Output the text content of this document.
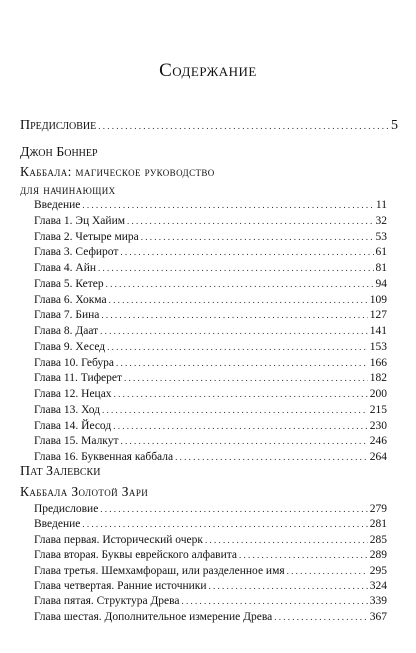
Содержание
Предисловие . . .	5
Джон Боннер
Каббала: магическое руководство
для начинающих
Введение . . .	11
Глава 1. Эц Хайим . . .	32
Глава 2. Четыре мира . . .	53
Глава 3. Сефирот . . .	61
Глава 4. Айн . . .	81
Глава 5. Кетер . . .	94
Глава 6. Хокма . . .	109
Глава 7. Бина . . .	127
Глава 8. Даат . . .	141
Глава 9. Хесед . . .	153
Глава 10. Гебура . . .	166
Глава 11. Тиферет . . .	182
Глава 12. Нецах . . .	200
Глава 13. Ход . . .	215
Глава 14. Йесод . . .	230
Глава 15. Малкут . . .	246
Глава 16. Буквенная каббала . . .	264
Пат Залевски
Каббала Золотой Зари
Предисловие . . .	279
Введение . . .	281
Глава первая. Исторический очерк . . .	285
Глава вторая. Буквы еврейского алфавита . . .	289
Глава третья. Шемхамфораш, или разделенное имя . . .	295
Глава четвертая. Ранние источники . . .	324
Глава пятая. Структура Древа . . .	339
Глава шестая. Дополнительное измерение Древа . . .	367
